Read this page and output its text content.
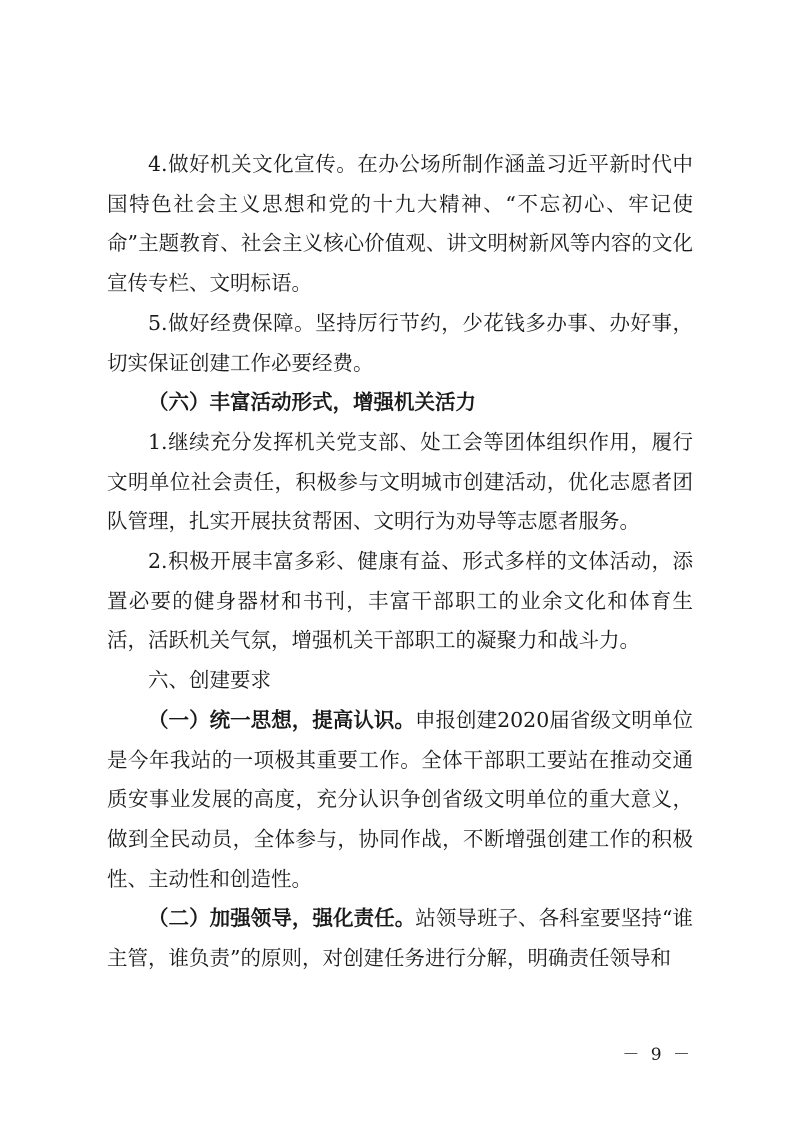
4.做好机关文化宣传。在办公场所制作涵盖习近平新时代中国特色社会主义思想和党的十九大精神、“不忘初心、牢记使命”主题教育、社会主义核心价值观、讲文明树新风等内容的文化宣传专栏、文明标语。

5.做好经费保障。坚持厉行节约，少花钱多办事、办好事，切实保证创建工作必要经费。

（六）丰富活动形式，增强机关活力

1.继续充分发挥机关党支部、处工会等团体组织作用，履行文明单位社会责任，积极参与文明城市创建活动，优化志愿者团队管理，扎实开展扶贫帮困、文明行为劝导等志愿者服务。

2.积极开展丰富多彩、健康有益、形式多样的文体活动，添置必要的健身器材和书刊，丰富干部职工的业余文化和体育生活，活跃机关气氛，增强机关干部职工的凝聚力和战斗力。

六、创建要求

（一）统一思想，提高认识。申报创建2020届省级文明单位是今年我站的一项极其重要工作。全体干部职工要站在推动交通质安事业发展的高度，充分认识争创省级文明单位的重大意义，做到全民动员，全体参与，协同作战，不断增强创建工作的积极性、主动性和创造性。

（二）加强领导，强化责任。站领导班子、各科室要坚持“谁主管，谁负责”的原则，对创建任务进行分解，明确责任领导和

－ 9 －
